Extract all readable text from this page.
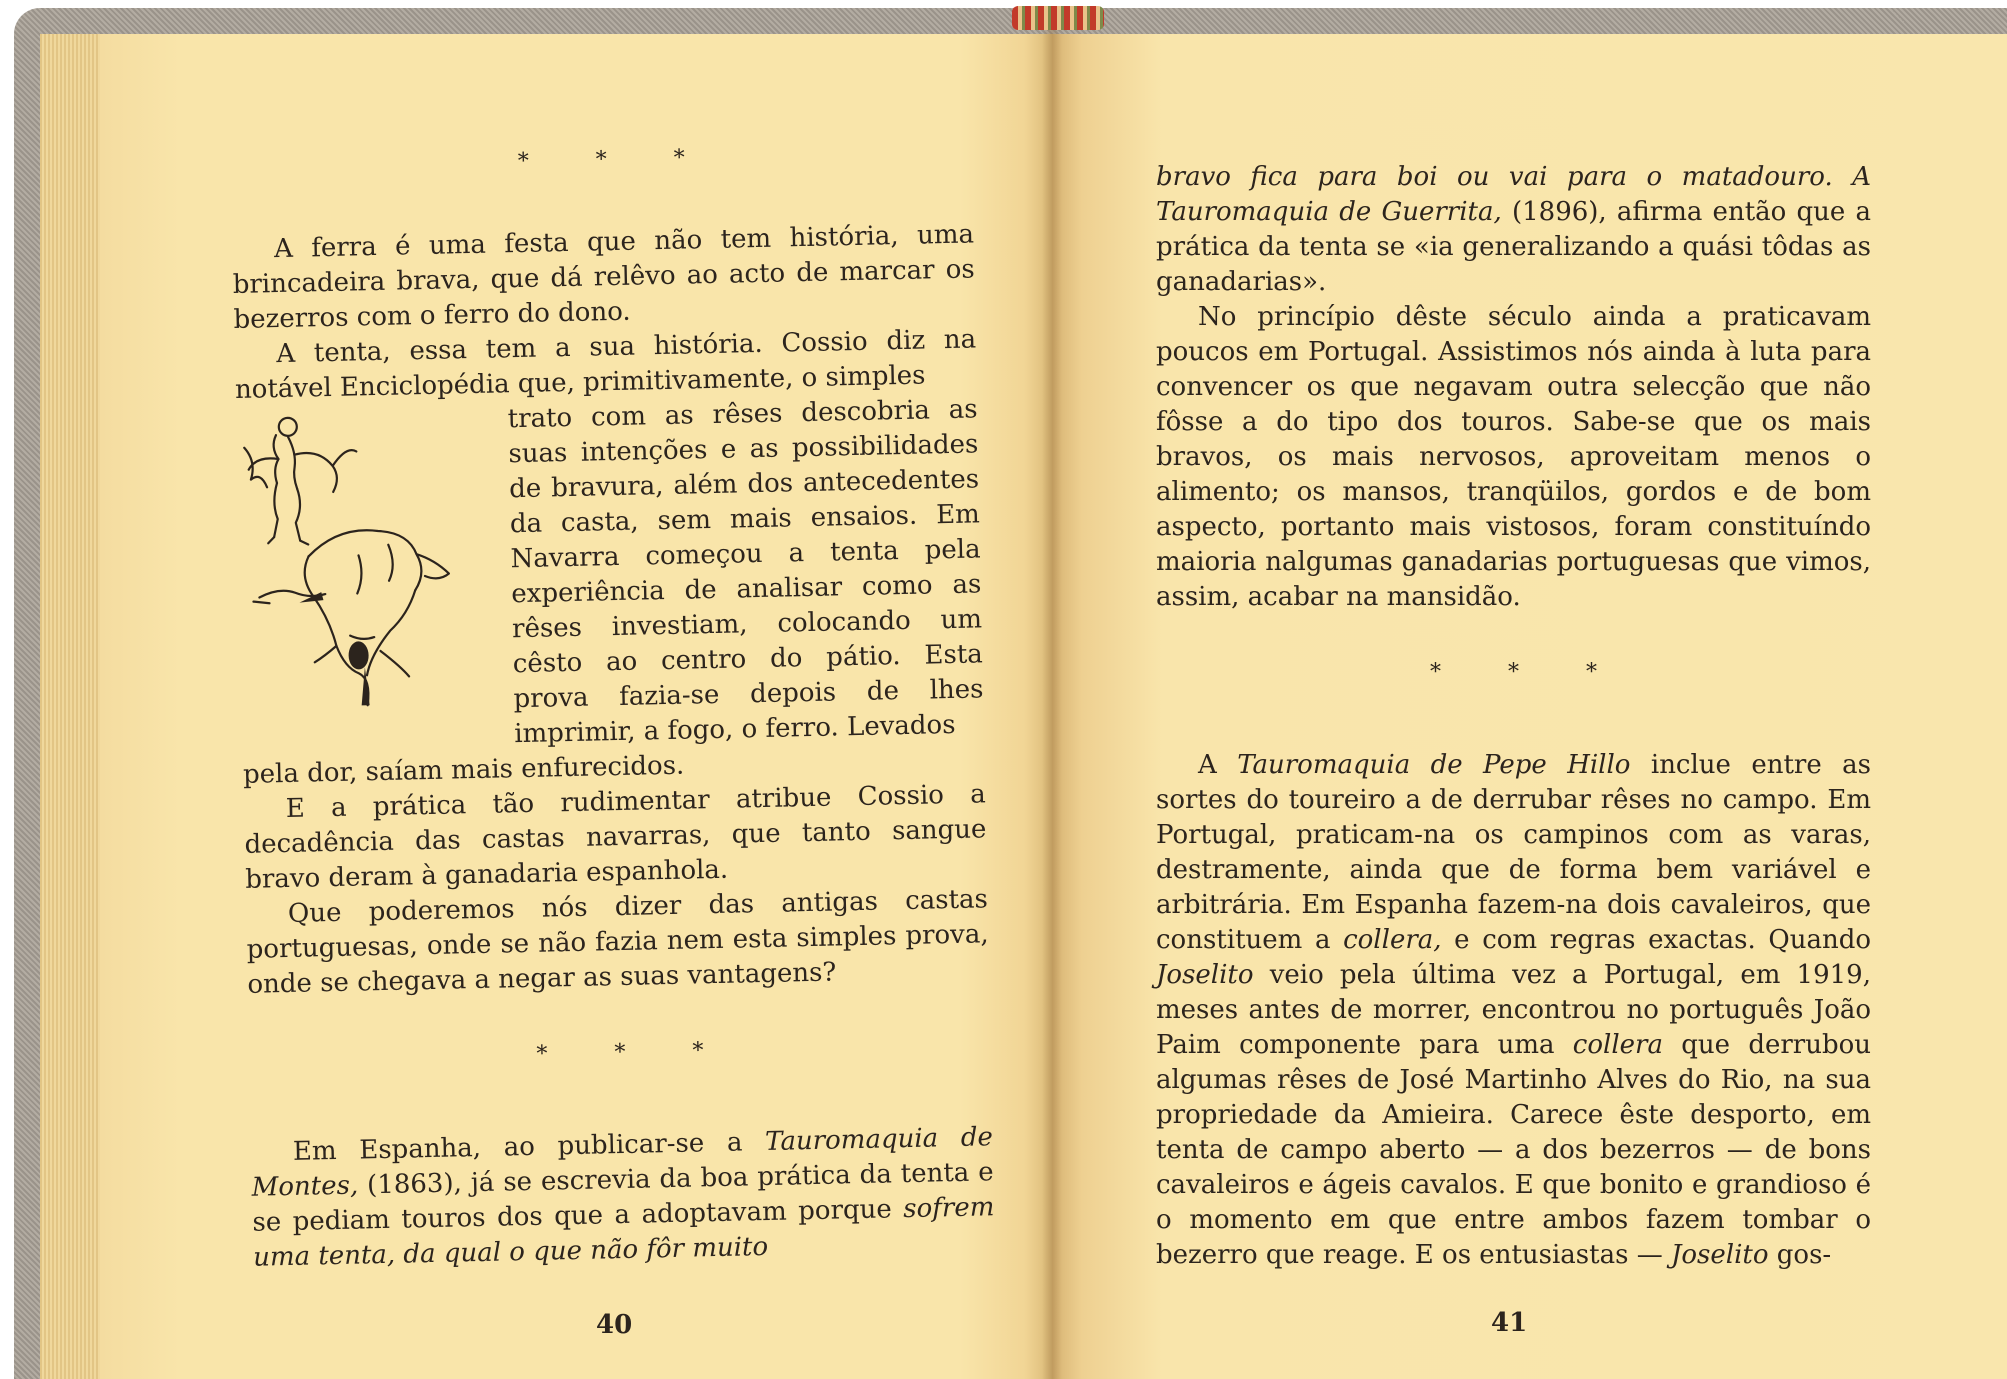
* * *

A ferra é uma festa que não tem história, uma brincadeira brava, que dá relêvo ao acto de marcar os bezerros com o ferro do dono.

A tenta, essa tem a sua história. Cossio diz na notável Enciclopédia que, primitivamente, o simples

trato com as rêses descobria as suas intenções e as possibilidades de bravura, além dos antecedentes da casta, sem mais ensaios. Em Navarra começou a tenta pela experiência de analisar como as rêses investiam, colocando um cêsto ao centro do pátio. Esta prova fazia-se depois de lhes imprimir, a fogo, o ferro. Levados

pela dor, saíam mais enfurecidos.

E a prática tão rudimentar atribue Cossio a decadência das castas navarras, que tanto sangue bravo deram à ganadaria espanhola.

Que poderemos nós dizer das antigas castas portuguesas, onde se não fazia nem esta simples prova, onde se chegava a negar as suas vantagens?

* * *

Em Espanha, ao publicar-se a Tauromaquia de Montes, (1863), já se escrevia da boa prática da tenta e se pediam touros dos que a adoptavam porque sofrem uma tenta, da qual o que não fôr muito

40

bravo fica para boi ou vai para o matadouro. A Tauromaquia de Guerrita, (1896), afirma então que a prática da tenta se «ia generalizando a quási tôdas as ganadarias».

No princípio dêste século ainda a praticavam poucos em Portugal. Assistimos nós ainda à luta para convencer os que negavam outra selecção que não fôsse a do tipo dos touros. Sabe-se que os mais bravos, os mais nervosos, aproveitam menos o alimento; os mansos, tranqüilos, gordos e de bom aspecto, portanto mais vistosos, foram constituíndo maioria nalgumas ganadarias portuguesas que vimos, assim, acabar na mansidão.

* * *

A Tauromaquia de Pepe Hillo inclue entre as sortes do toureiro a de derrubar rêses no campo. Em Portugal, praticam-na os campinos com as varas, destramente, ainda que de forma bem variável e arbitrária. Em Espanha fazem-na dois cavaleiros, que constituem a collera, e com regras exactas. Quando Joselito veio pela última vez a Portugal, em 1919, meses antes de morrer, encontrou no português João Paim componente para uma collera que derrubou algumas rêses de José Martinho Alves do Rio, na sua propriedade da Amieira. Carece êste desporto, em tenta de campo aberto — a dos bezerros — de bons cavaleiros e ágeis cavalos. E que bonito e grandioso é o momento em que entre ambos fazem tombar o bezerro que reage. E os entusiastas — Joselito gos-

41
